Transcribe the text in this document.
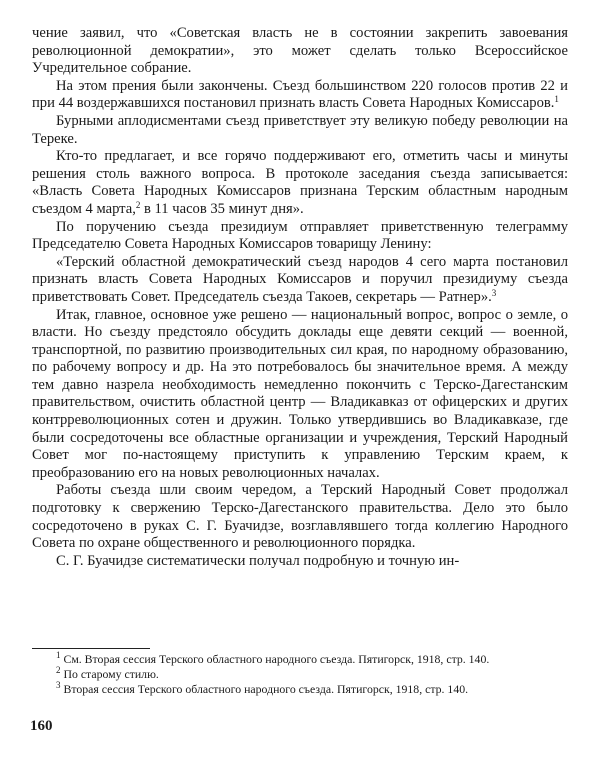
чение заявил, что «Советская власть не в состоянии закрепить завоевания революционной демократии», это может сделать только Всероссийское Учредительное собрание.

На этом прения были закончены. Съезд большинством 220 голосов против 22 и при 44 воздержавшихся постановил признать власть Совета Народных Комиссаров.$^1$

Бурными аплодисментами съезд приветствует эту великую победу революции на Тереке.

Кто-то предлагает, и все горячо поддерживают его, отметить часы и минуты решения столь важного вопроса. В протоколе заседания съезда записывается: «Власть Совета Народных Комиссаров признана Терским областным народным съездом 4 марта,$^2$ в 11 часов 35 минут дня».

По поручению съезда президиум отправляет приветственную телеграмму Председателю Совета Народных Комиссаров товарищу Ленину:

«Терский областной демократический съезд народов 4 сего марта постановил признать власть Совета Народных Комиссаров и поручил президиуму съезда приветствовать Совет. Председатель съезда Такоев, секретарь — Ратнер».$^3$

Итак, главное, основное уже решено — национальный вопрос, вопрос о земле, о власти. Но съезду предстояло обсудить доклады еще девяти секций — военной, транспортной, по развитию производительных сил края, по народному образованию, по рабочему вопросу и др. На это потребовалось бы значительное время. А между тем давно назрела необходимость немедленно покончить с Терско-Дагестанским правительством, очистить областной центр — Владикавказ от офицерских и других контрреволюционных сотен и дружин. Только утвердившись во Владикавказе, где были сосредоточены все областные организации и учреждения, Терский Народный Совет мог по-настоящему приступить к управлению Терским краем, к преобразованию его на новых революционных началах.

Работы съезда шли своим чередом, а Терский Народный Совет продолжал подготовку к свержению Терско-Дагестанского правительства. Дело это было сосредоточено в руках С. Г. Буачидзе, возглавлявшего тогда коллегию Народного Совета по охране общественного и революционного порядка.

С. Г. Буачидзе систематически получал подробную и точную ин-

$^1$ См. Вторая сессия Терского областного народного съезда. Пятигорск, 1918, стр. 140.

$^2$ По старому стилю.

$^3$ Вторая сессия Терского областного народного съезда. Пятигорск, 1918, стр. 140.

160
